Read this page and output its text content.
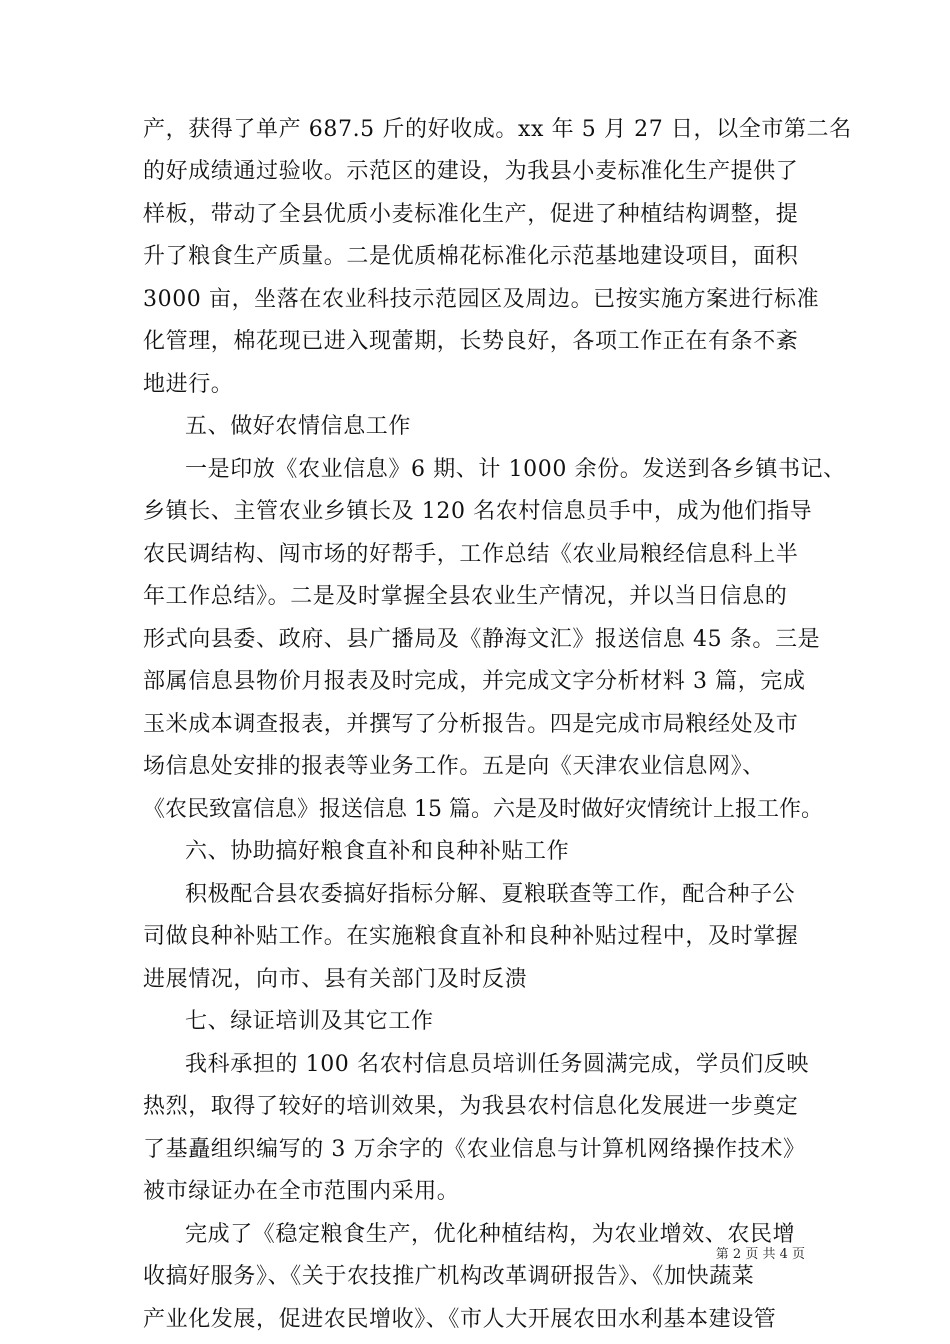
产，获得了单产 687.5 斤的好收成。xx 年 5 月 27 日，以全市第二名
的好成绩通过验收。示范区的建设，为我县小麦标准化生产提供了
样板，带动了全县优质小麦标准化生产，促进了种植结构调整，提
升了粮食生产质量。二是优质棉花标准化示范基地建设项目，面积
3000 亩，坐落在农业科技示范园区及周边。已按实施方案进行标准
化管理，棉花现已进入现蕾期，长势良好，各项工作正在有条不紊
地进行。
五、做好农情信息工作
一是印放《农业信息》6 期、计 1000 余份。发送到各乡镇书记、
乡镇长、主管农业乡镇长及 120 名农村信息员手中，成为他们指导
农民调结构、闯市场的好帮手，工作总结《农业局粮经信息科上半
年工作总结》。二是及时掌握全县农业生产情况，并以当日信息的
形式向县委、政府、县广播局及《静海文汇》报送信息 45 条。三是
部属信息县物价月报表及时完成，并完成文字分析材料 3 篇，完成
玉米成本调查报表，并撰写了分析报告。四是完成市局粮经处及市
场信息处安排的报表等业务工作。五是向《天津农业信息网》、
《农民致富信息》报送信息 15 篇。六是及时做好灾情统计上报工作。
六、协助搞好粮食直补和良种补贴工作
积极配合县农委搞好指标分解、夏粮联查等工作，配合种子公
司做良种补贴工作。在实施粮食直补和良种补贴过程中，及时掌握
进展情况，向市、县有关部门及时反溃
七、绿证培训及其它工作
我科承担的 100 名农村信息员培训任务圆满完成，学员们反映
热烈，取得了较好的培训效果，为我县农村信息化发展进一步奠定
了基矗组织编写的 3 万余字的《农业信息与计算机网络操作技术》
被市绿证办在全市范围内采用。
完成了《稳定粮食生产，优化种植结构，为农业增效、农民增
收搞好服务》、《关于农技推广机构改革调研报告》、《加快蔬菜
产业化发展，促进农民增收》、《市人大开展农田水利基本建设管
第 2 页 共 4 页
